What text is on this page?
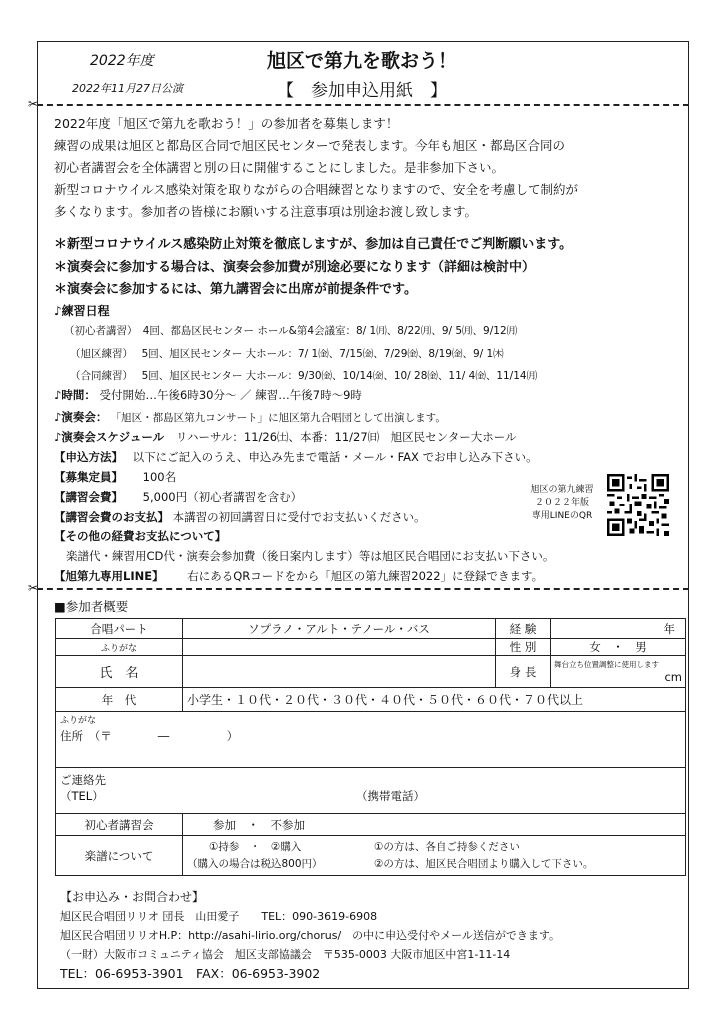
2022年度
2022年11月27日公演
旭区で第九を歌おう！
【　参加申込用紙　】
✂
2022年度「旭区で第九を歌おう！」の参加者を募集します！
練習の成果は旭区と都島区合同で旭区民センターで発表します。今年も旭区・都島区合同の
初心者講習会を全体講習と別の日に開催することにしました。是非参加下さい。
新型コロナウイルス感染対策を取りながらの合唱練習となりますので、安全を考慮して制約が
多くなります。参加者の皆様にお願いする注意事項は別途お渡し致します。
＊新型コロナウイルス感染防止対策を徹底しますが、参加は自己責任でご判断願います。
＊演奏会に参加する場合は、演奏会参加費が別途必要になります（詳細は検討中）
＊演奏会に参加するには、第九講習会に出席が前提条件です。
♪練習日程
（初心者講習）　4回、都島区民センター ホール&第4会議室：8/ 1㈪、8/22㈪、9/ 5㈪、9/12㈪
（旭区練習）　 5回、旭区民センター 大ホール：7/ 1㈮、7/15㈮、7/29㈮、8/19㈮、9/ 1㈭
（合同練習）　 5回、旭区民センター 大ホール：9/30㈮、10/14㈮、10/ 28㈮、11/ 4㈮、11/14㈪
♪時間： 受付開始…午後6時30分～ ／ 練習…午後7時～9時
♪演奏会： 「旭区・都島区第九コンサート」に旭区第九合唱団として出演します。
♪演奏会スケジュール リハーサル：11/26㈯、本番：11/27㈰　旭区民センター大ホール
【申込方法】 以下にご記入のうえ、申込み先まで電話・メール・FAX でお申し込み下さい。
【募集定員】 100名
【講習会費】 5,000円（初心者講習を含む）
【講習会費のお支払】 本講習の初回講習日に受付でお支払いください。
【その他の経費お支払について】
楽譜代・練習用CD代・演奏会参加費（後日案内します）等は旭区民合唱団にお支払い下さい。
【旭第九専用LINE】 右にあるQRコードをから「旭区の第九練習2022」に登録できます。
旭区の第九練習
２０２２年版
専用LINEのQR
✂
■参加者概要
合唱パート	ソプラノ・アルト・テノール・バス	経 験	年
ふりがな		性 別	女　・　男
氏　名		身 長	舞台立ち位置調整に使用します
cm

年　代	小学生・１０代・２０代・３０代・４０代・５０代・６０代・７０代以上		

ふりがな
住所　（〒　　　　―　　　　　）			

ご連絡先
（TEL） （携帯電話）			

初心者講習会	参加　・　不参加		
楽譜について	①持参　・　②購入 ①の方は、各自ご持参ください
（購入の場合は税込800円） ②の方は、旭区民合唱団より購入して下さい。		
【お申込み・お問合わせ】
旭区民合唱団リリオ 団長　山田愛子　　TEL：090-3619-6908
旭区民合唱団リリオH.P：http://asahi-lirio.org/chorus/　の中に申込受付やメール送信ができます。
（一財）大阪市コミュニティ協会　旭区支部協議会　〒535-0003 大阪市旭区中宮1-11-14
TEL：06-6953-3901　FAX：06-6953-3902
